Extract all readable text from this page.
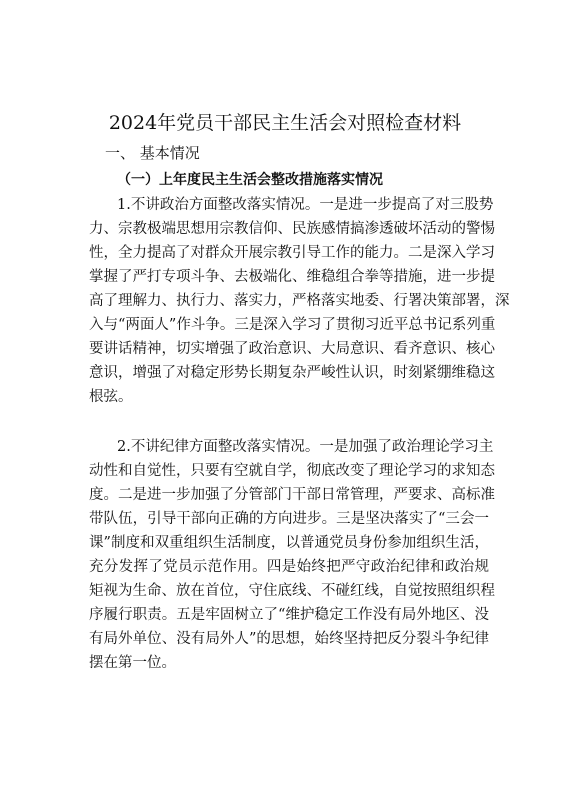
2024年党员干部民主生活会对照检查材料
一、 基本情况
（一）上年度民主生活会整改措施落实情况
1.不讲政治方面整改落实情况。一是进一步提高了对三股势
力、宗教极端思想用宗教信仰、民族感情搞渗透破坏活动的警惕
性，全力提高了对群众开展宗教引导工作的能力。二是深入学习
掌握了严打专项斗争、去极端化、维稳组合拳等措施，进一步提
高了理解力、执行力、落实力，严格落实地委、行署决策部署，深
入与“两面人”作斗争。三是深入学习了贯彻习近平总书记系列重
要讲话精神，切实增强了政治意识、大局意识、看齐意识、核心
意识，增强了对稳定形势长期复杂严峻性认识，时刻紧绷维稳这
根弦。
2.不讲纪律方面整改落实情况。一是加强了政治理论学习主
动性和自觉性，只要有空就自学，彻底改变了理论学习的求知态
度。二是进一步加强了分管部门干部日常管理，严要求、高标准
带队伍，引导干部向正确的方向进步。三是坚决落实了“三会一
课”制度和双重组织生活制度，以普通党员身份参加组织生活，
充分发挥了党员示范作用。四是始终把严守政治纪律和政治规
矩视为生命、放在首位，守住底线、不碰红线，自觉按照组织程
序履行职责。五是牢固树立了“维护稳定工作没有局外地区、没
有局外单位、没有局外人”的思想，始终坚持把反分裂斗争纪律
摆在第一位。
